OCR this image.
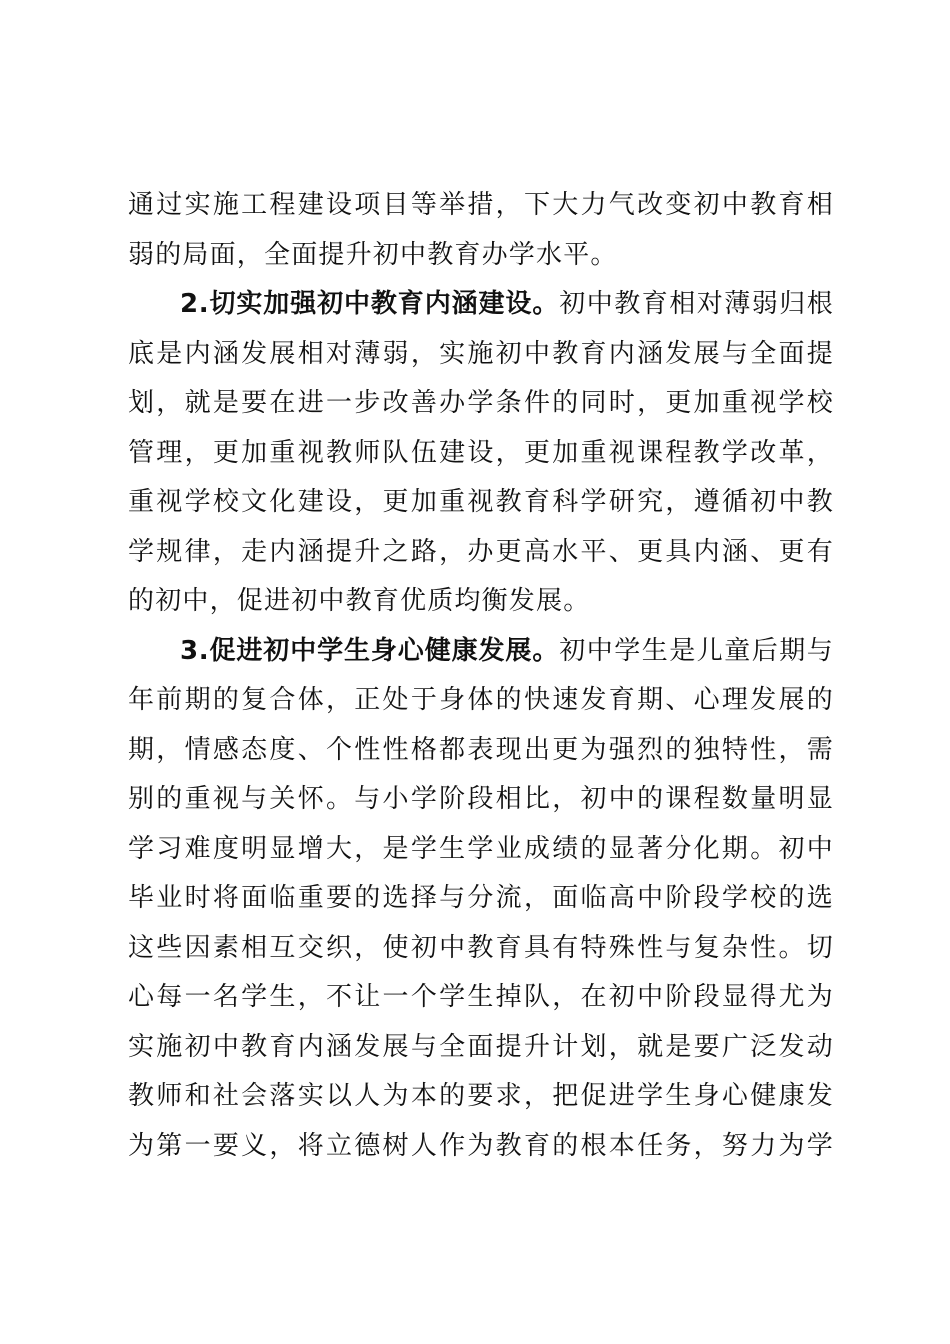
通过实施工程建设项目等举措，下大力气改变初中教育相
弱的局面，全面提升初中教育办学水平。
2.切实加强初中教育内涵建设。初中教育相对薄弱归根
底是内涵发展相对薄弱，实施初中教育内涵发展与全面提
划，就是要在进一步改善办学条件的同时，更加重视学校
管理，更加重视教师队伍建设，更加重视课程教学改革，
重视学校文化建设，更加重视教育科学研究，遵循初中教
学规律，走内涵提升之路，办更高水平、更具内涵、更有
的初中，促进初中教育优质均衡发展。
3.促进初中学生身心健康发展。初中学生是儿童后期与
年前期的复合体，正处于身体的快速发育期、心理发展的
期，情感态度、个性性格都表现出更为强烈的独特性，需
别的重视与关怀。与小学阶段相比，初中的课程数量明显
学习难度明显增大，是学生学业成绩的显著分化期。初中
毕业时将面临重要的选择与分流，面临高中阶段学校的选
这些因素相互交织，使初中教育具有特殊性与复杂性。切
心每一名学生，不让一个学生掉队，在初中阶段显得尤为
实施初中教育内涵发展与全面提升计划，就是要广泛发动
教师和社会落实以人为本的要求，把促进学生身心健康发
为第一要义，将立德树人作为教育的根本任务，努力为学
